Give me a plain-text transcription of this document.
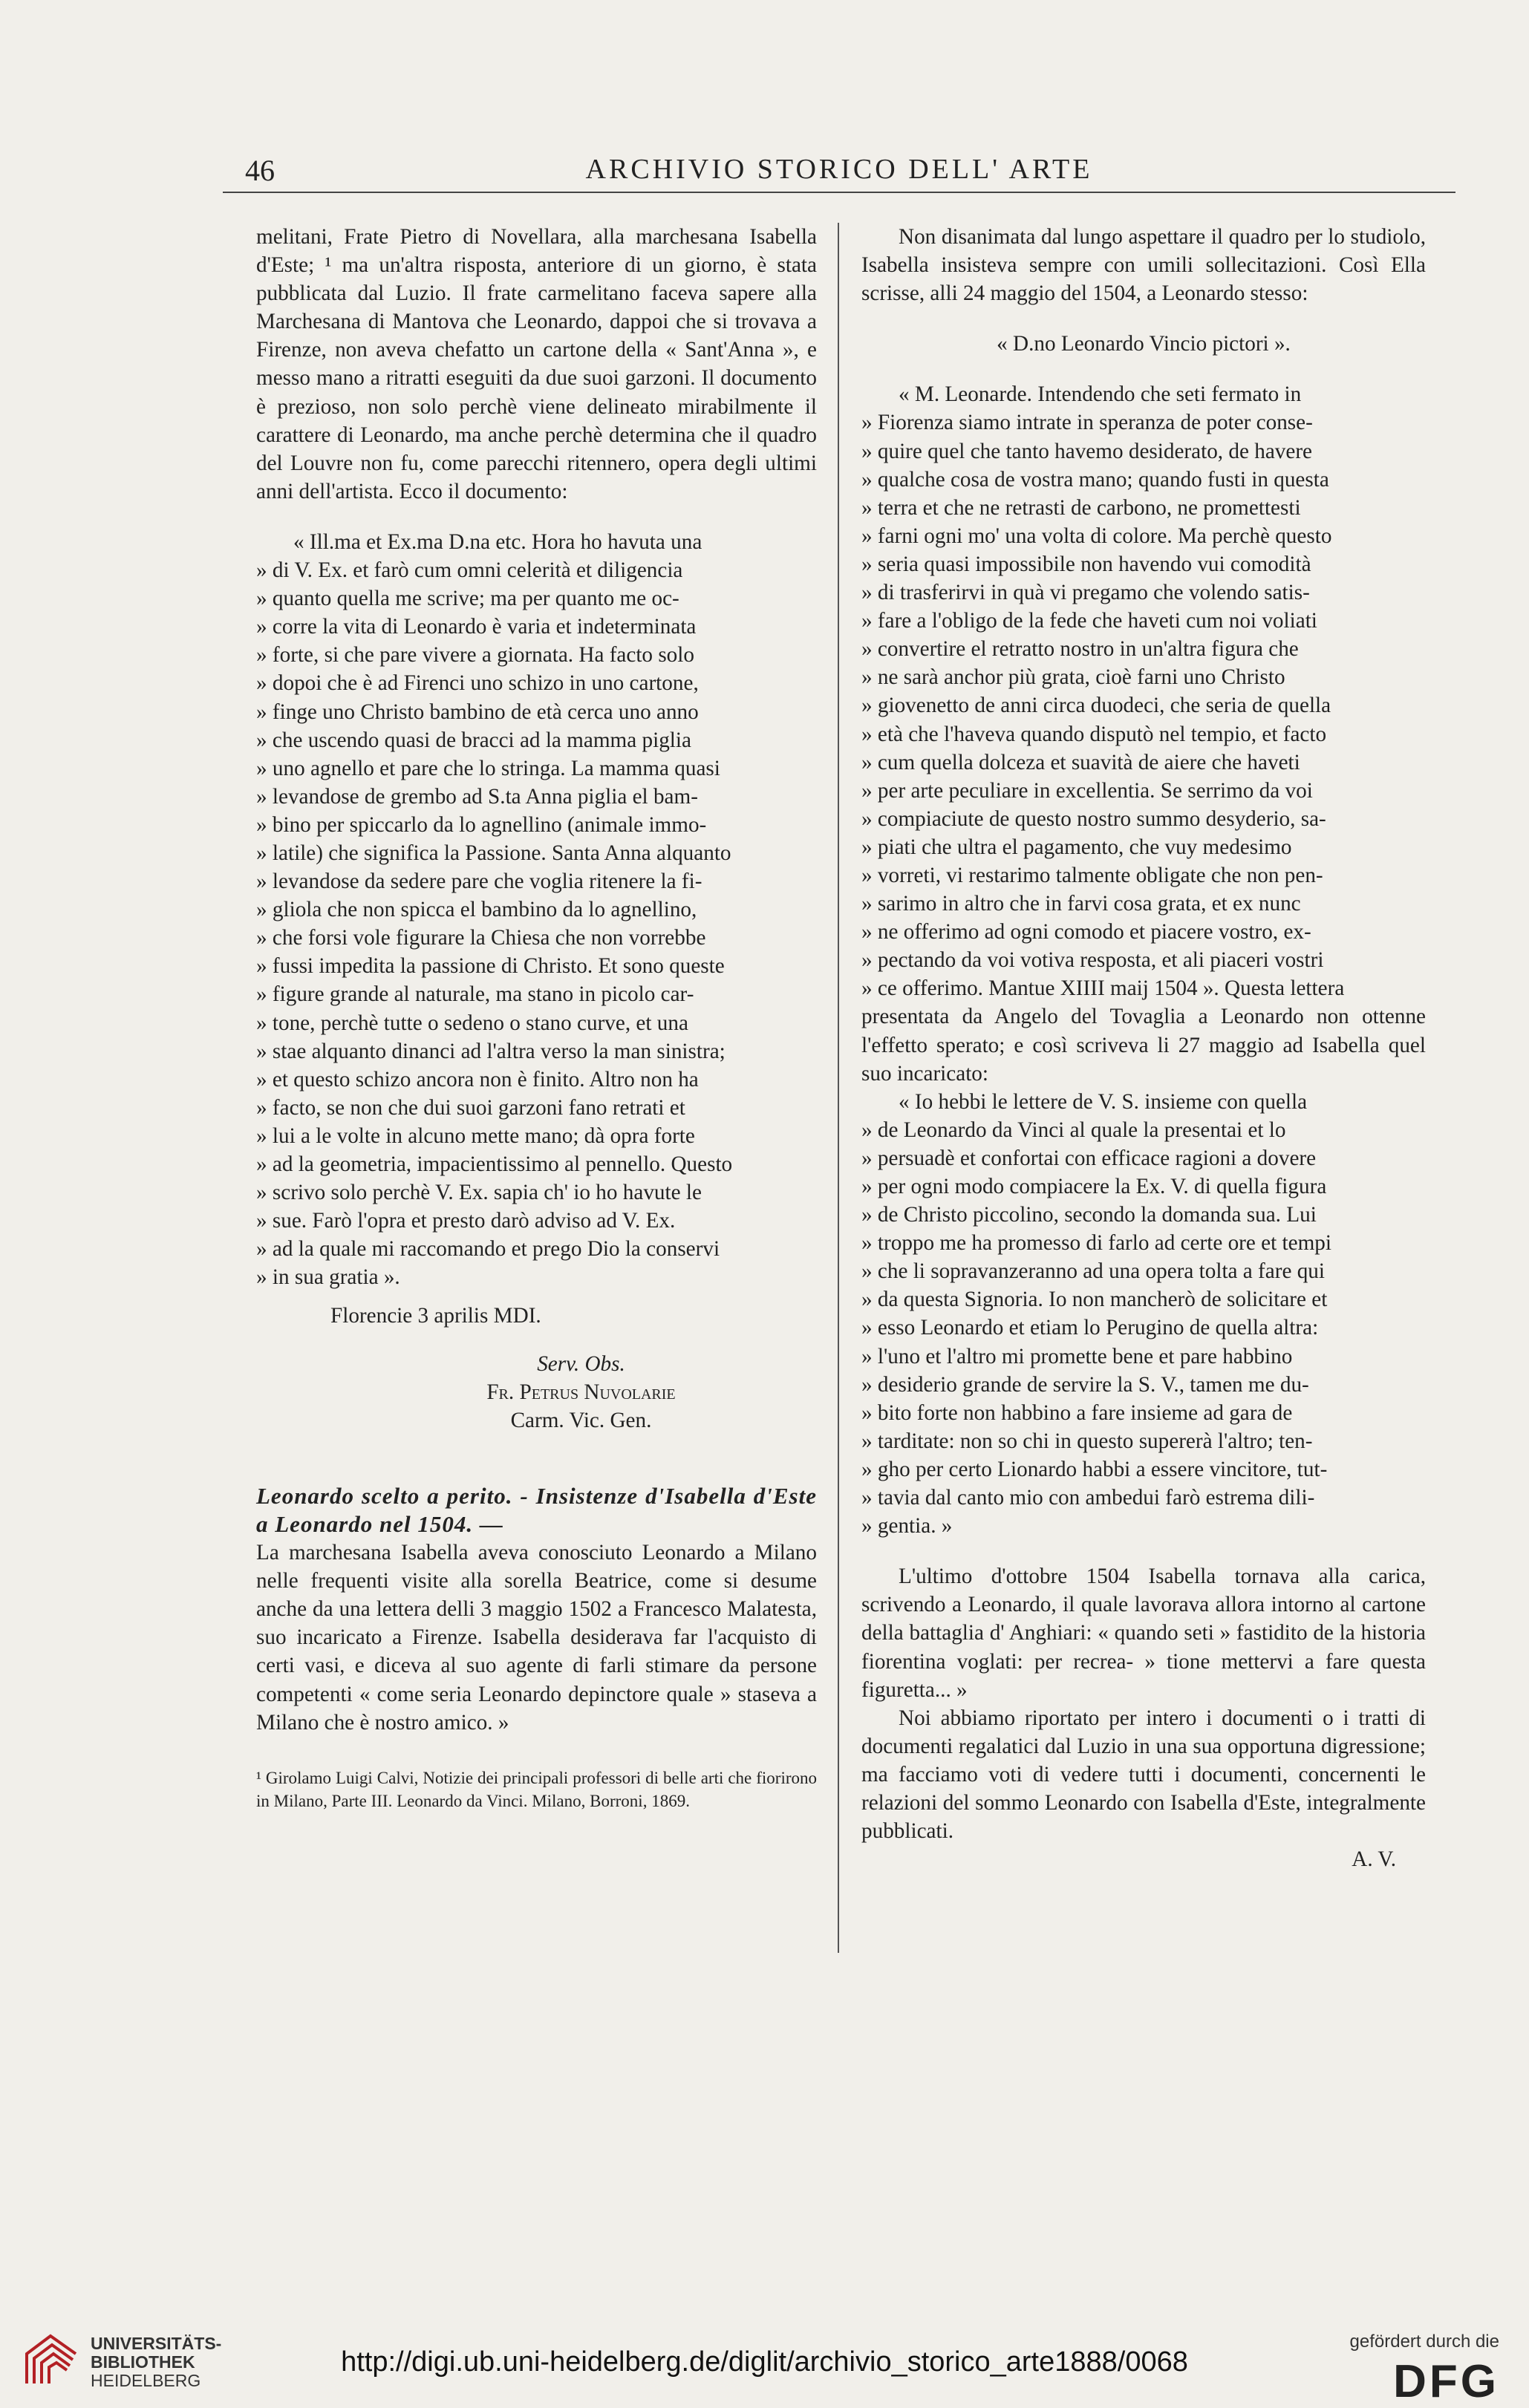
46	ARCHIVIO STORICO DELL' ARTE

melitani, Frate Pietro di Novellara, alla marchesana Isabella d'Este; ¹ ma un'altra risposta, anteriore di un giorno, è stata pubblicata dal Luzio. Il frate carmelitano faceva sapere alla Marchesana di Mantova che Leonardo, dappoi che si trovava a Firenze, non aveva chefatto un cartone della « Sant'Anna », e messo mano a ritratti eseguiti da due suoi garzoni. Il documento è prezioso, non solo perchè viene delineato mirabilmente il carattere di Leonardo, ma anche perchè determina che il quadro del Louvre non fu, come parecchi ritennero, opera degli ultimi anni dell'artista. Ecco il documento:

« Ill.ma et Ex.ma D.na etc. Hora ho havuta una

» di V. Ex. et farò cum omni celerità et diligencia

» quanto quella me scrive; ma per quanto me oc-

» corre la vita di Leonardo è varia et indeterminata

» forte, si che pare vivere a giornata. Ha facto solo

» dopoi che è ad Firenci uno schizo in uno cartone,

» finge uno Christo bambino de età cerca uno anno

» che uscendo quasi de bracci ad la mamma piglia

» uno agnello et pare che lo stringa. La mamma quasi

» levandose de grembo ad S.ta Anna piglia el bam-

» bino per spiccarlo da lo agnellino (animale immo-

» latile) che significa la Passione. Santa Anna alquanto

» levandose da sedere pare che voglia ritenere la fi-

» gliola che non spicca el bambino da lo agnellino,

» che forsi vole figurare la Chiesa che non vorrebbe

» fussi impedita la passione di Christo. Et sono queste

» figure grande al naturale, ma stano in picolo car-

» tone, perchè tutte o sedeno o stano curve, et una

» stae alquanto dinanci ad l'altra verso la man sinistra;

» et questo schizo ancora non è finito. Altro non ha

» facto, se non che dui suoi garzoni fano retrati et

» lui a le volte in alcuno mette mano; dà opra forte

» ad la geometria, impacientissimo al pennello. Questo

» scrivo solo perchè V. Ex. sapia ch' io ho havute le

» sue. Farò l'opra et presto darò adviso ad V. Ex.

» ad la quale mi raccomando et prego Dio la conservi

» in sua gratia ».

Florencie 3 aprilis MDI.

Serv. Obs.

Fr. Petrus Nuvolarie

Carm. Vic. Gen.

Leonardo scelto a perito. - Insistenze d'Isabella d'Este a Leonardo nel 1504. —

La marchesana Isabella aveva conosciuto Leonardo a Milano nelle frequenti visite alla sorella Beatrice, come si desume anche da una lettera delli 3 maggio 1502 a Francesco Malatesta, suo incaricato a Firenze. Isabella desiderava far l'acquisto di certi vasi, e diceva al suo agente di farli stimare da persone competenti « come seria Leonardo depinctore quale » staseva a Milano che è nostro amico. »

¹ Girolamo Luigi Calvi, Notizie dei principali professori di belle arti che fiorirono in Milano, Parte III. Leonardo da Vinci. Milano, Borroni, 1869.

Non disanimata dal lungo aspettare il quadro per lo studiolo, Isabella insisteva sempre con umili sollecitazioni. Così Ella scrisse, alli 24 maggio del 1504, a Leonardo stesso:

« D.no Leonardo Vincio pictori ».

« M. Leonarde. Intendendo che seti fermato in

» Fiorenza siamo intrate in speranza de poter conse-

» quire quel che tanto havemo desiderato, de havere

» qualche cosa de vostra mano; quando fusti in questa

» terra et che ne retrasti de carbono, ne promettesti

» farni ogni mo' una volta di colore. Ma perchè questo

» seria quasi impossibile non havendo vui comodità

» di trasferirvi in quà vi pregamo che volendo satis-

» fare a l'obligo de la fede che haveti cum noi voliati

» convertire el retratto nostro in un'altra figura che

» ne sarà anchor più grata, cioè farni uno Christo

» giovenetto de anni circa duodeci, che seria de quella

» età che l'haveva quando disputò nel tempio, et facto

» cum quella dolceza et suavità de aiere che haveti

» per arte peculiare in excellentia. Se serrimo da voi

» compiaciute de questo nostro summo desyderio, sa-

» piati che ultra el pagamento, che vuy medesimo

» vorreti, vi restarimo talmente obligate che non pen-

» sarimo in altro che in farvi cosa grata, et ex nunc

» ne offerimo ad ogni comodo et piacere vostro, ex-

» pectando da voi votiva resposta, et ali piaceri vostri

» ce offerimo. Mantue XIIII maij 1504 ». Questa lettera

presentata da Angelo del Tovaglia a Leonardo non ottenne l'effetto sperato; e così scriveva li 27 maggio ad Isabella quel suo incaricato:

« Io hebbi le lettere de V. S. insieme con quella

» de Leonardo da Vinci al quale la presentai et lo

» persuadè et confortai con efficace ragioni a dovere

» per ogni modo compiacere la Ex. V. di quella figura

» de Christo piccolino, secondo la domanda sua. Lui

» troppo me ha promesso di farlo ad certe ore et tempi

» che li sopravanzeranno ad una opera tolta a fare qui

» da questa Signoria. Io non mancherò de solicitare et

» esso Leonardo et etiam lo Perugino de quella altra:

» l'uno et l'altro mi promette bene et pare habbino

» desiderio grande de servire la S. V., tamen me du-

» bito forte non habbino a fare insieme ad gara de

» tarditate: non so chi in questo supererà l'altro; ten-

» gho per certo Lionardo habbi a essere vincitore, tut-

» tavia dal canto mio con ambedui farò estrema dili-

» gentia. »

L'ultimo d'ottobre 1504 Isabella tornava alla carica, scrivendo a Leonardo, il quale lavorava allora intorno al cartone della battaglia d' Anghiari: « quando seti » fastidito de la historia fiorentina voglati: per recrea- » tione mettervi a fare questa figuretta... »

Noi abbiamo riportato per intero i documenti o i tratti di documenti regalatici dal Luzio in una sua opportuna digressione; ma facciamo voti di vedere tutti i documenti, concernenti le relazioni del sommo Leonardo con Isabella d'Este, integralmente pubblicati.

A. V.

UNIVERSITÄTS-
BIBLIOTHEK
HEIDELBERG
http://digi.ub.uni-heidelberg.de/diglit/archivio_storico_arte1888/0068
gefördert durch die
DFG
